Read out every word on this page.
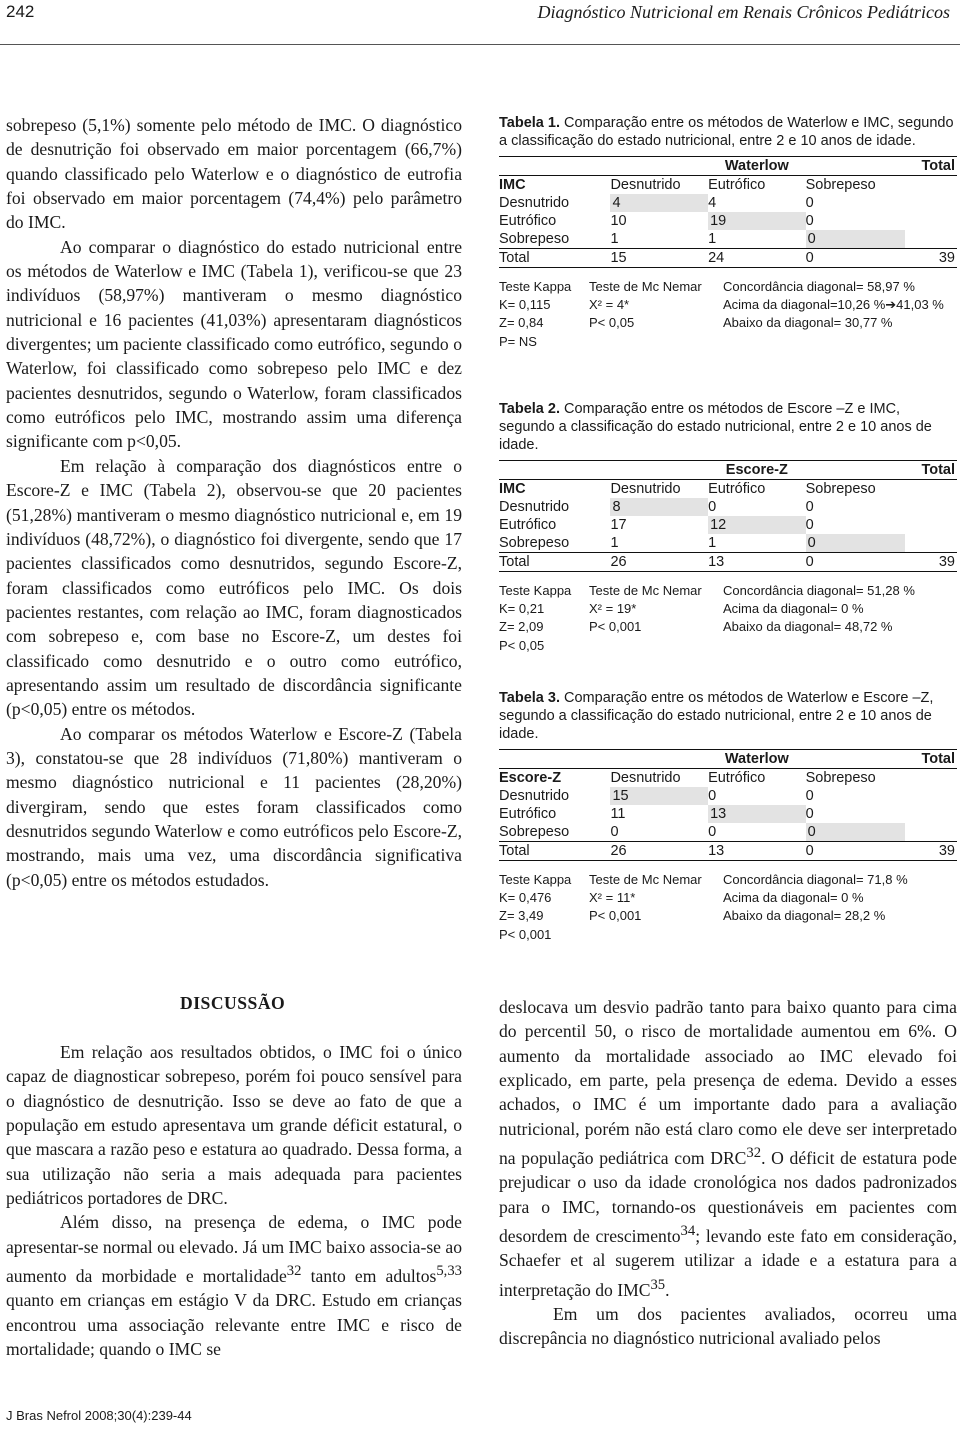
242	Diagnóstico Nutricional em Renais Crônicos Pediátricos

sobrepeso (5,1%) somente pelo método de IMC. O diagnóstico de desnutrição foi observado em maior porcentagem (66,7%) quando classificado pelo Waterlow e o diagnóstico de eutrofia foi observado em maior porcentagem (74,4%) pelo parâmetro do IMC.

Ao comparar o diagnóstico do estado nutricional entre os métodos de Waterlow e IMC (Tabela 1), verificou-se que 23 indivíduos (58,97%) mantiveram o mesmo diagnóstico nutricional e 16 pacientes (41,03%) apresentaram diagnósticos divergentes; um paciente classificado como eutrófico, segundo o Waterlow, foi classificado como sobrepeso pelo IMC e dez pacientes desnutridos, segundo o Waterlow, foram classificados como eutróficos pelo IMC, mostrando assim uma diferença significante com p<0,05.

Em relação à comparação dos diagnósticos entre o Escore-Z e IMC (Tabela 2), observou-se que 20 pacientes (51,28%) mantiveram o mesmo diagnóstico nutricional e, em 19 indivíduos (48,72%), o diagnóstico foi divergente, sendo que 17 pacientes classificados como desnutridos, segundo Escore-Z, foram classificados como eutróficos pelo IMC. Os dois pacientes restantes, com relação ao IMC, foram diagnosticados com sobrepeso e, com base no Escore-Z, um destes foi classificado como desnutrido e o outro como eutrófico, apresentando assim um resultado de discordância significante (p<0,05) entre os métodos.

Ao comparar os métodos Waterlow e Escore-Z (Tabela 3), constatou-se que 28 indivíduos (71,80%) mantiveram o mesmo diagnóstico nutricional e 11 pacientes (28,20%) divergiram, sendo que estes foram classificados como desnutridos segundo Waterlow e como eutróficos pelo Escore-Z, mostrando, mais uma vez, uma discordância significativa (p<0,05) entre os métodos estudados.

Tabela 1. Comparação entre os métodos de Waterlow e IMC, segundo a classificação do estado nutricional, entre 2 e 10 anos de idade.

		Waterlow		Total
IMC	Desnutrido	Eutrófico	Sobrepeso	
Desnutrido	4	4	0	
Eutrófico	10	19	0	
Sobrepeso	1	1	0	
Total	15	24	0	39
Teste Kappa	Teste de Mc Nemar	Concordância diagonal= 58,97 %
K= 0,115	X² = 4*	Acima da diagonal=10,26 %➔41,03 %
Z= 0,84	P< 0,05	Abaixo da diagonal= 30,77 %
P= NS

Tabela 2. Comparação entre os métodos de Escore –Z e IMC, segundo a classificação do estado nutricional, entre 2 e 10 anos de idade.

		Escore-Z		Total
IMC	Desnutrido	Eutrófico	Sobrepeso	
Desnutrido	8	0	0	
Eutrófico	17	12	0	
Sobrepeso	1	1	0	
Total	26	13	0	39
Teste Kappa	Teste de Mc Nemar	Concordância diagonal= 51,28 %
K= 0,21	X² = 19*	Acima da diagonal= 0 %
Z= 2,09	P< 0,001	Abaixo da diagonal= 48,72 %
P< 0,05

Tabela 3. Comparação entre os métodos de Waterlow e Escore –Z, segundo a classificação do estado nutricional, entre 2 e 10 anos de idade.

		Waterlow		Total
Escore-Z	Desnutrido	Eutrófico	Sobrepeso	
Desnutrido	15	0	0	
Eutrófico	11	13	0	
Sobrepeso	0	0	0	
Total	26	13	0	39
Teste Kappa	Teste de Mc Nemar	Concordância diagonal= 71,8 %
K= 0,476	X² = 11*	Acima da diagonal= 0 %
Z= 3,49	P< 0,001	Abaixo da diagonal= 28,2 %
P< 0,001
DISCUSSÃO

Em relação aos resultados obtidos, o IMC foi o único capaz de diagnosticar sobrepeso, porém foi pouco sensível para o diagnóstico de desnutrição. Isso se deve ao fato de que a população em estudo apresentava um grande déficit estatural, o que mascara a razão peso e estatura ao quadrado. Dessa forma, a sua utilização não seria a mais adequada para pacientes pediátricos portadores de DRC.

Além disso, na presença de edema, o IMC pode apresentar-se normal ou elevado. Já um IMC baixo associa-se ao aumento da morbidade e mortalidade$^{32}$ tanto em adultos$^{5,33}$ quanto em crianças em estágio V da DRC. Estudo em crianças encontrou uma associação relevante entre IMC e risco de mortalidade; quando o IMC se

deslocava um desvio padrão tanto para baixo quanto para cima do percentil 50, o risco de mortalidade aumentou em 6%. O aumento da mortalidade associado ao IMC elevado foi explicado, em parte, pela presença de edema. Devido a esses achados, o IMC é um importante dado para a avaliação nutricional, porém não está claro como ele deve ser interpretado na população pediátrica com DRC$^{32}$. O déficit de estatura pode prejudicar o uso da idade cronológica nos dados padronizados para o IMC, tornando-os questionáveis em pacientes com desordem de crescimento$^{34}$; levando este fato em consideração, Schaefer et al sugerem utilizar a idade e a estatura para a interpretação do IMC$^{35}$.

Em um dos pacientes avaliados, ocorreu uma discrepância no diagnóstico nutricional avaliado pelos

J Bras Nefrol 2008;30(4):239-44
